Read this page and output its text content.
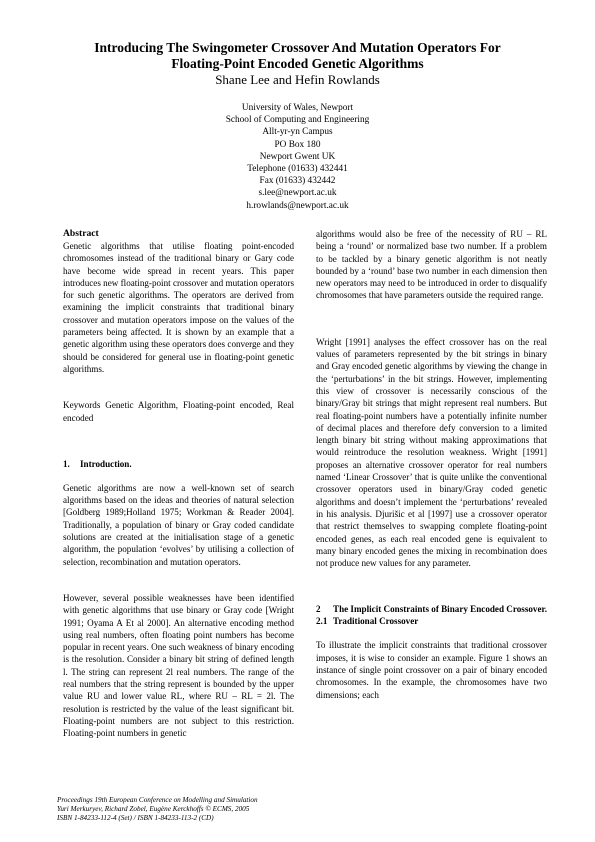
Introducing The Swingometer Crossover And Mutation Operators For
Floating-Point Encoded Genetic Algorithms
Shane Lee and Hefin Rowlands
University of Wales, Newport
School of Computing and Engineering
Allt-yr-yn Campus
PO Box 180
Newport Gwent UK
Telephone (01633) 432441
Fax (01633) 432442
s.lee@newport.ac.uk
h.rowlands@newport.ac.uk
Abstract

Genetic algorithms that utilise floating point-encoded chromosomes instead of the traditional binary or Gary code have become wide spread in recent years. This paper introduces new floating-point crossover and mutation operators for such genetic algorithms. The operators are derived from examining the implicit constraints that traditional binary crossover and mutation operators impose on the values of the parameters being affected. It is shown by an example that a genetic algorithm using these operators does converge and they should be considered for general use in floating-point genetic algorithms.

Keywords Genetic Algorithm, Floating-point encoded, Real encoded

1.	Introduction.

Genetic algorithms are now a well-known set of search algorithms based on the ideas and theories of natural selection [Goldberg 1989;Holland 1975; Workman & Reader 2004]. Traditionally, a population of binary or Gray coded candidate solutions are created at the initialisation stage of a genetic algorithm, the population ‘evolves’ by utilising a collection of selection, recombination and mutation operators.

However, several possible weaknesses have been identified with genetic algorithms that use binary or Gray code [Wright 1991; Oyama A Et al 2000]. An alternative encoding method using real numbers, often floating point numbers has become popular in recent years. One such weakness of binary encoding is the resolution. Consider a binary bit string of defined length l. The string can represent 2l real numbers. The range of the real numbers that the string represent is bounded by the upper value RU and lower value RL, where RU – RL = 2l. The resolution is restricted by the value of the least significant bit. Floating-point numbers are not subject to this restriction. Floating-point numbers in genetic

algorithms would also be free of the necessity of RU – RL being a ‘round’ or normalized base two number. If a problem to be tackled by a binary genetic algorithm is not neatly bounded by a ‘round’ base two number in each dimension then new operators may need to be introduced in order to disqualify chromosomes that have parameters outside the required range.

Wright [1991] analyses the effect crossover has on the real values of parameters represented by the bit strings in binary and Gray encoded genetic algorithms by viewing the change in the ‘perturbations’ in the bit strings. However, implementing this view of crossover is necessarily conscious of the binary/Gray bit strings that might represent real numbers. But real floating-point numbers have a potentially infinite number of decimal places and therefore defy conversion to a limited length binary bit string without making approximations that would reintroduce the resolution weakness. Wright [1991] proposes an alternative crossover operator for real numbers named ‘Linear Crossover’ that is quite unlike the conventional crossover operators used in binary/Gray coded genetic algorithms and doesn’t implement the ‘perturbations’ revealed in his analysis. Djurišic et al [1997] use a crossover operator that restrict themselves to swapping complete floating-point encoded genes, as each real encoded gene is equivalent to many binary encoded genes the mixing in recombination does not produce new values for any parameter.

2	The Implicit Constraints of Binary Encoded Crossover.
2.1 Traditional Crossover

To illustrate the implicit constraints that traditional crossover imposes, it is wise to consider an example. Figure 1 shows an instance of single point crossover on a pair of binary encoded chromosomes. In the example, the chromosomes have two dimensions; each

Proceedings 19th European Conference on Modelling and Simulation
Yuri Merkuryev, Richard Zobel, Eugène Kerckhoffs © ECMS, 2005
ISBN 1-84233-112-4 (Set) / ISBN 1-84233-113-2 (CD)
